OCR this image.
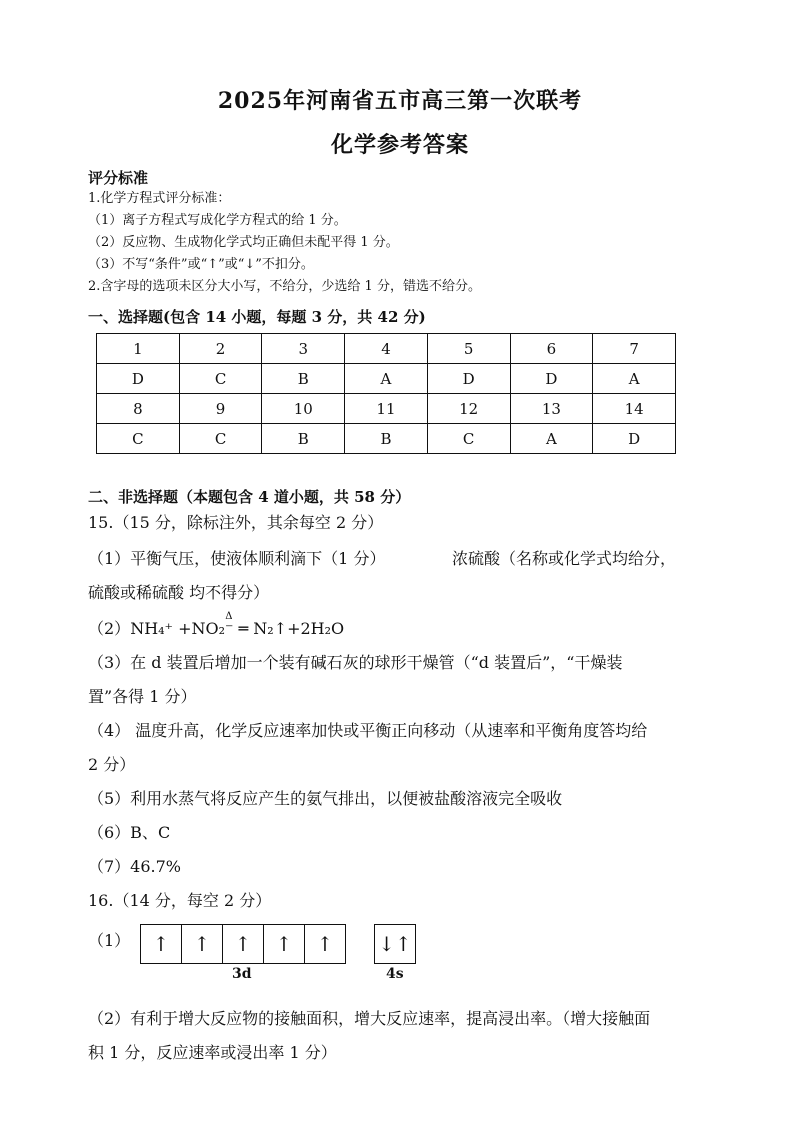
2025年河南省五市高三第一次联考
化学参考答案
评分标准
1.化学方程式评分标准：
（1）离子方程式写成化学方程式的给 1 分。
（2）反应物、生成物化学式均正确但未配平得 1 分。
（3）不写“条件”或“↑”或“↓”不扣分。
2.含字母的选项未区分大小写，不给分，少选给 1 分，错选不给分。
一、选择题(包含 14 小题，每题 3 分，共 42 分)
1	2	3	4	5	6	7
D	C	B	A	D	D	A
8	9	10	11	12	13	14
C	C	B	B	C	A	D
二、非选择题（本题包含 4 道小题，共 58 分）
15.（15 分，除标注外，其余每空 2 分）
（1）平衡气压，使液体顺利滴下（1 分）	浓硫酸（名称或化学式均给分，
硫酸或稀硫酸 均不得分）
（2）
Δ
NH₄⁺ +NO₂⁻ ═ N₂↑+2H₂O
（3）在 d 装置后增加一个装有碱石灰的球形干燥管（“d 装置后”，“干燥装
置”各得 1 分）
（4） 温度升高，化学反应速率加快或平衡正向移动（从速率和平衡角度答均给
2 分）
（5）利用水蒸气将反应产生的氨气排出，以便被盐酸溶液完全吸收
（6）B、C
（7）46.7%
16.（14 分，每空 2 分）
（1）	↑	↑	↑	↑	↑
3d
↓↑
4s
（2）有利于增大反应物的接触面积，增大反应速率，提高浸出率。（增大接触面
积 1 分，反应速率或浸出率 1 分）
